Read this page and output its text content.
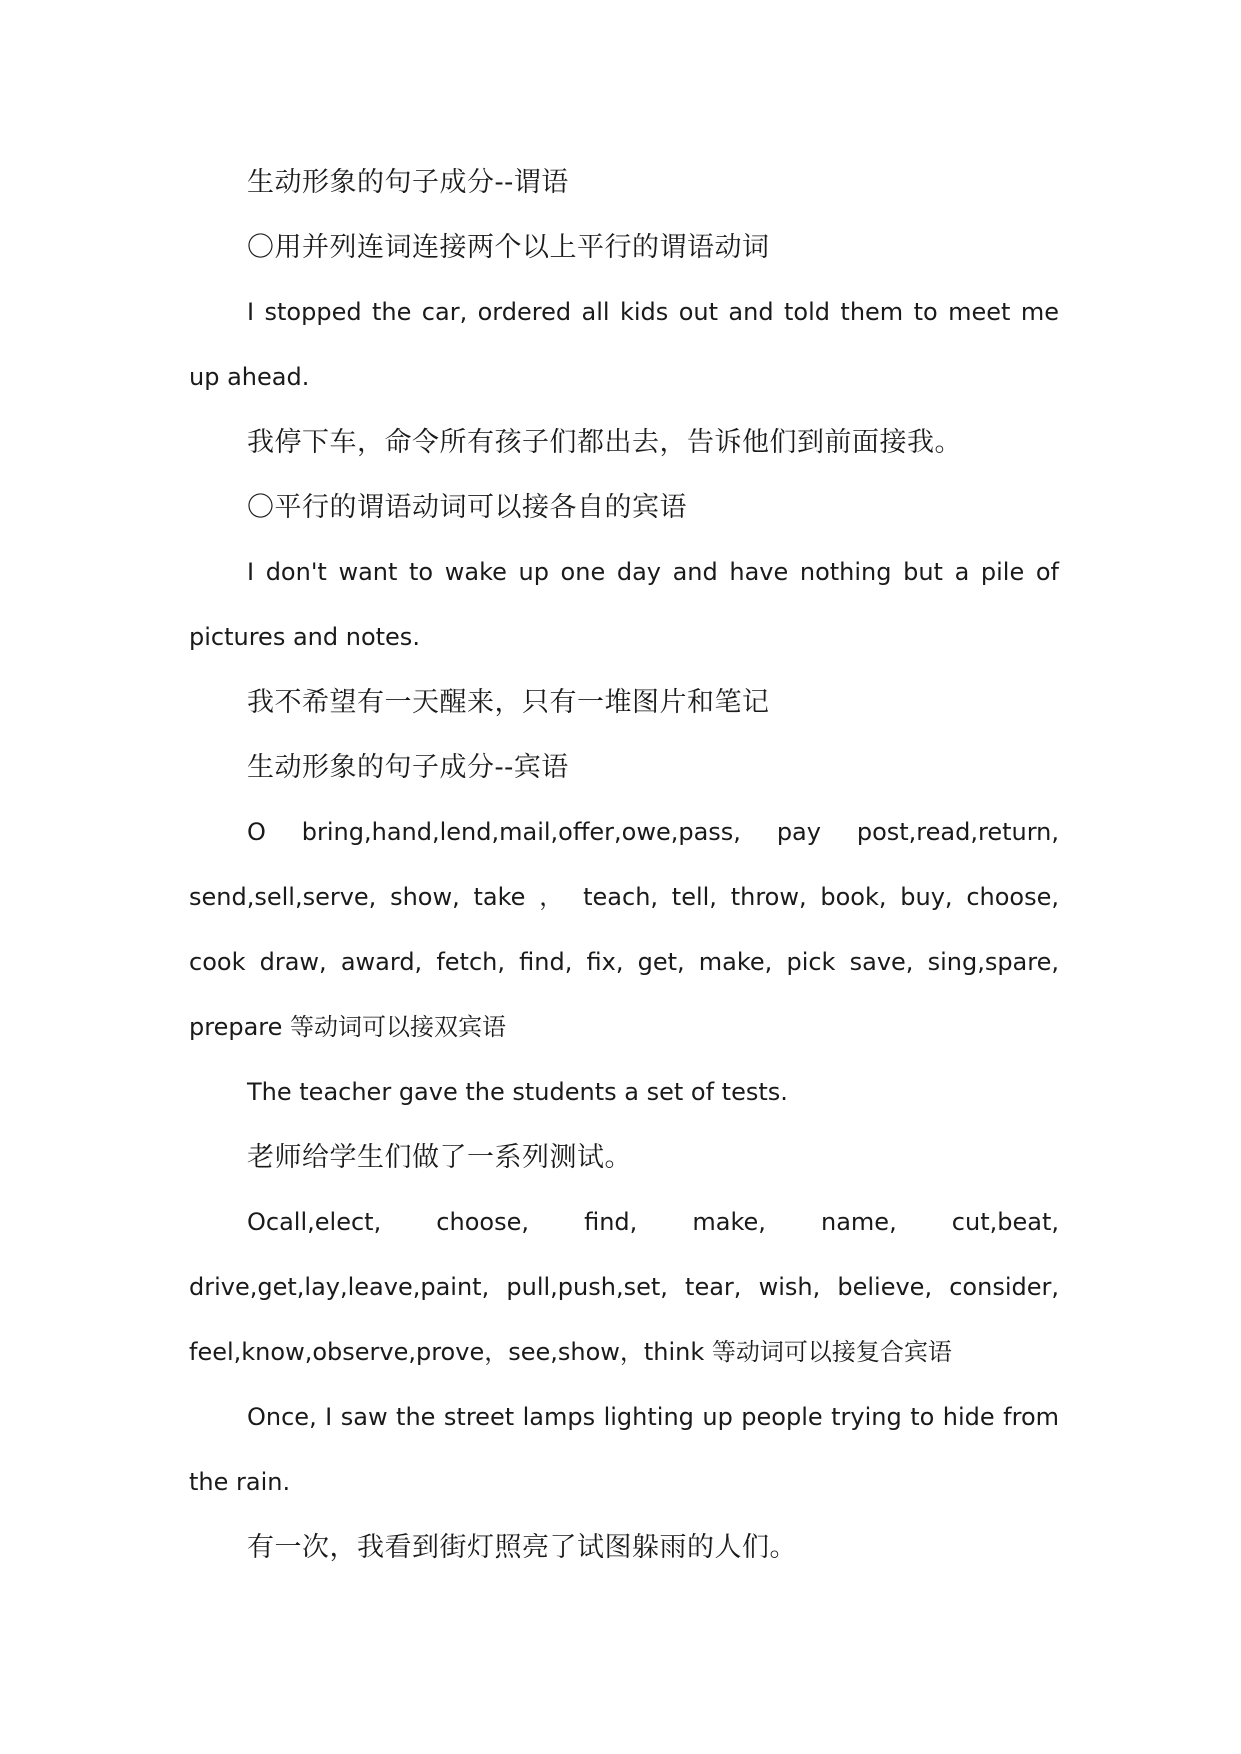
生动形象的句子成分--谓语

〇用并列连词连接两个以上平行的谓语动词

I stopped the car, ordered all kids out and told them to meet me up ahead.

我停下车，命令所有孩子们都出去，告诉他们到前面接我。

〇平行的谓语动词可以接各自的宾语

I don't want to wake up one day and have nothing but a pile of pictures and notes.

我不希望有一天醒来，只有一堆图片和笔记

生动形象的句子成分--宾语

O bring,hand,lend,mail,offer,owe,pass, pay post,read,return, send,sell,serve, show, take ， teach, tell, throw, book, buy, choose, cook draw, award, fetch, find, fix, get, make, pick save, sing,spare, prepare 等动词可以接双宾语

The teacher gave the students a set of tests.

老师给学生们做了一系列测试。

Ocall,elect, choose, find, make, name, cut,beat, drive,get,lay,leave,paint, pull,push,set, tear, wish, believe, consider, feel,know,observe,prove，see,show，think 等动词可以接复合宾语

Once, I saw the street lamps lighting up people trying to hide from the rain.

有一次，我看到街灯照亮了试图躲雨的人们。
